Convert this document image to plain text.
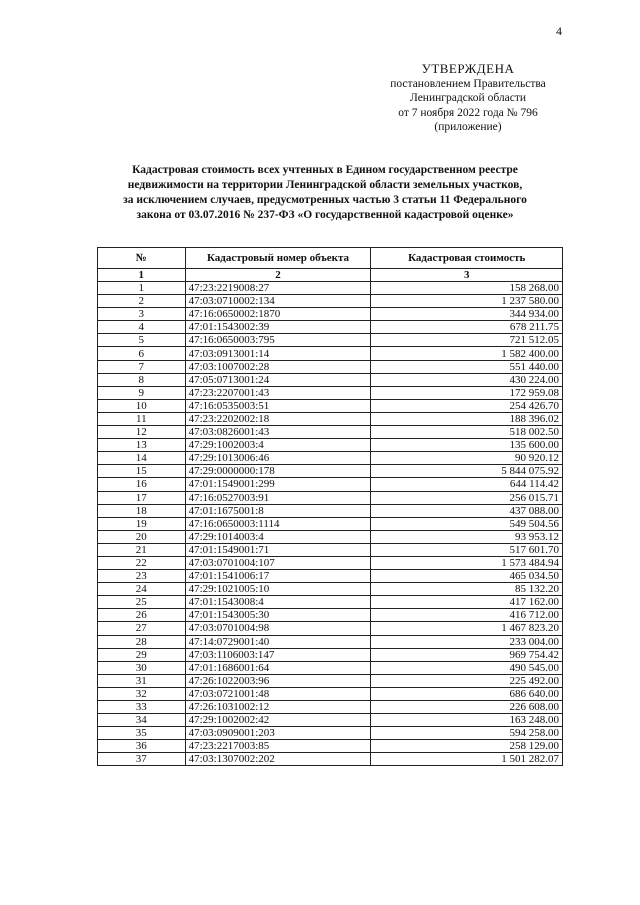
4
УТВЕРЖДЕНА
постановлением Правительства
Ленинградской области
от 7 ноября 2022 года № 796
(приложение)
Кадастровая стоимость всех учтенных в Едином государственном реестре
недвижимости на территории Ленинградской области земельных участков,
за исключением случаев, предусмотренных частью 3 статьи 11 Федерального
закона от 03.07.2016 № 237-ФЗ «О государственной кадастровой оценке»
№	Кадастровый номер объекта	Кадастровая стоимость
1	2	3
1	47:23:2219008:27	158 268.00
2	47:03:0710002:134	1 237 580.00
3	47:16:0650002:1870	344 934.00
4	47:01:1543002:39	678 211.75
5	47:16:0650003:795	721 512.05
6	47:03:0913001:14	1 582 400.00
7	47:03:1007002:28	551 440.00
8	47:05:0713001:24	430 224.00
9	47:23:2207001:43	172 959.08
10	47:16:0535003:51	254 426.70
11	47:23:2202002:18	188 396.02
12	47:03:0826001:43	518 002.50
13	47:29:1002003:4	135 600.00
14	47:29:1013006:46	90 920.12
15	47:29:0000000:178	5 844 075.92
16	47:01:1549001:299	644 114.42
17	47:16:0527003:91	256 015.71
18	47:01:1675001:8	437 088.00
19	47:16:0650003:1114	549 504.56
20	47:29:1014003:4	93 953.12
21	47:01:1549001:71	517 601.70
22	47:03:0701004:107	1 573 484.94
23	47:01:1541006:17	465 034.50
24	47:29:1021005:10	85 132.20
25	47:01:1543008:4	417 162.00
26	47:01:1543005:30	416 712.00
27	47:03:0701004:98	1 467 823.20
28	47:14:0729001:40	233 004.00
29	47:03:1106003:147	969 754.42
30	47:01:1686001:64	490 545.00
31	47:26:1022003:96	225 492.00
32	47:03:0721001:48	686 640.00
33	47:26:1031002:12	226 608.00
34	47:29:1002002:42	163 248.00
35	47:03:0909001:203	594 258.00
36	47:23:2217003:85	258 129.00
37	47:03:1307002:202	1 501 282.07
